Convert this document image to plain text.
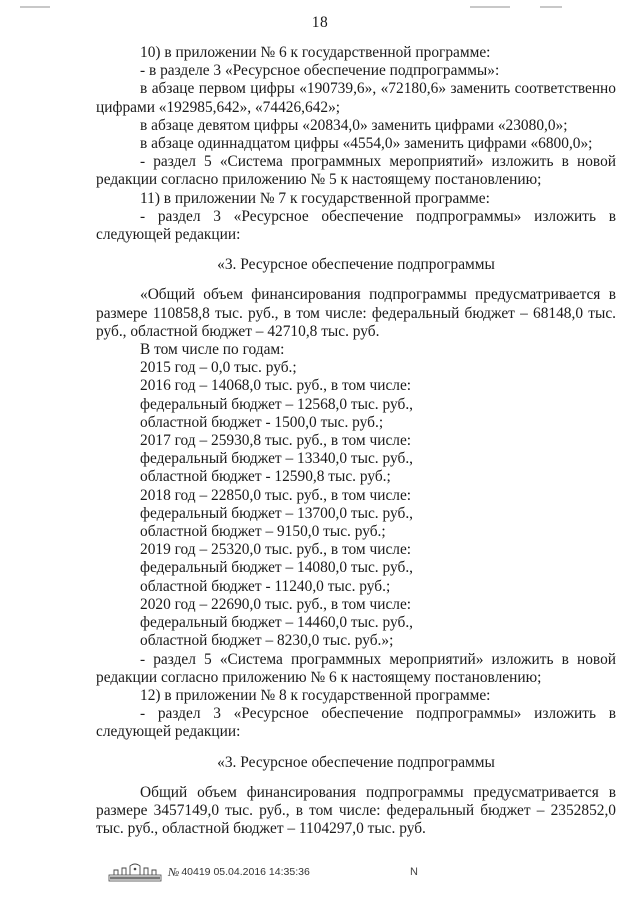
18
10) в приложении № 6 к государственной программе:
- в разделе 3 «Ресурсное обеспечение подпрограммы»:
в абзаце первом цифры «190739,6», «72180,6» заменить соответственно
цифрами «192985,642», «74426,642»;
в абзаце девятом цифры «20834,0» заменить цифрами «23080,0»;
в абзаце одиннадцатом цифры «4554,0» заменить цифрами «6800,0»;
- раздел 5 «Система программных мероприятий» изложить в новой
редакции согласно приложению № 5 к настоящему постановлению;
11) в приложении № 7 к государственной программе:
- раздел 3 «Ресурсное обеспечение подпрограммы» изложить в
следующей редакции:
«3. Ресурсное обеспечение подпрограммы
«Общий объем финансирования подпрограммы предусматривается в
размере 110858,8 тыс. руб., в том числе: федеральный бюджет – 68148,0 тыс.
руб., областной бюджет – 42710,8 тыс. руб.
В том числе по годам:
2015 год – 0,0 тыс. руб.;
2016 год – 14068,0 тыс. руб., в том числе:
федеральный бюджет – 12568,0 тыс. руб.,
областной бюджет - 1500,0 тыс. руб.;
2017 год – 25930,8 тыс. руб., в том числе:
федеральный бюджет – 13340,0 тыс. руб.,
областной бюджет - 12590,8 тыс. руб.;
2018 год – 22850,0 тыс. руб., в том числе:
федеральный бюджет – 13700,0 тыс. руб.,
областной бюджет – 9150,0 тыс. руб.;
2019 год – 25320,0 тыс. руб., в том числе:
федеральный бюджет – 14080,0 тыс. руб.,
областной бюджет - 11240,0 тыс. руб.;
2020 год – 22690,0 тыс. руб., в том числе:
федеральный бюджет – 14460,0 тыс. руб.,
областной бюджет – 8230,0 тыс. руб.»;
- раздел 5 «Система программных мероприятий» изложить в новой
редакции согласно приложению № 6 к настоящему постановлению;
12) в приложении № 8 к государственной программе:
- раздел 3 «Ресурсное обеспечение подпрограммы» изложить в
следующей редакции:
«3. Ресурсное обеспечение подпрограммы
Общий объем финансирования подпрограммы предусматривается в
размере 3457149,0 тыс. руб., в том числе: федеральный бюджет – 2352852,0
тыс. руб., областной бюджет – 1104297,0 тыс. руб.
№ 40419 05.04.2016 14:35:36	Ν
